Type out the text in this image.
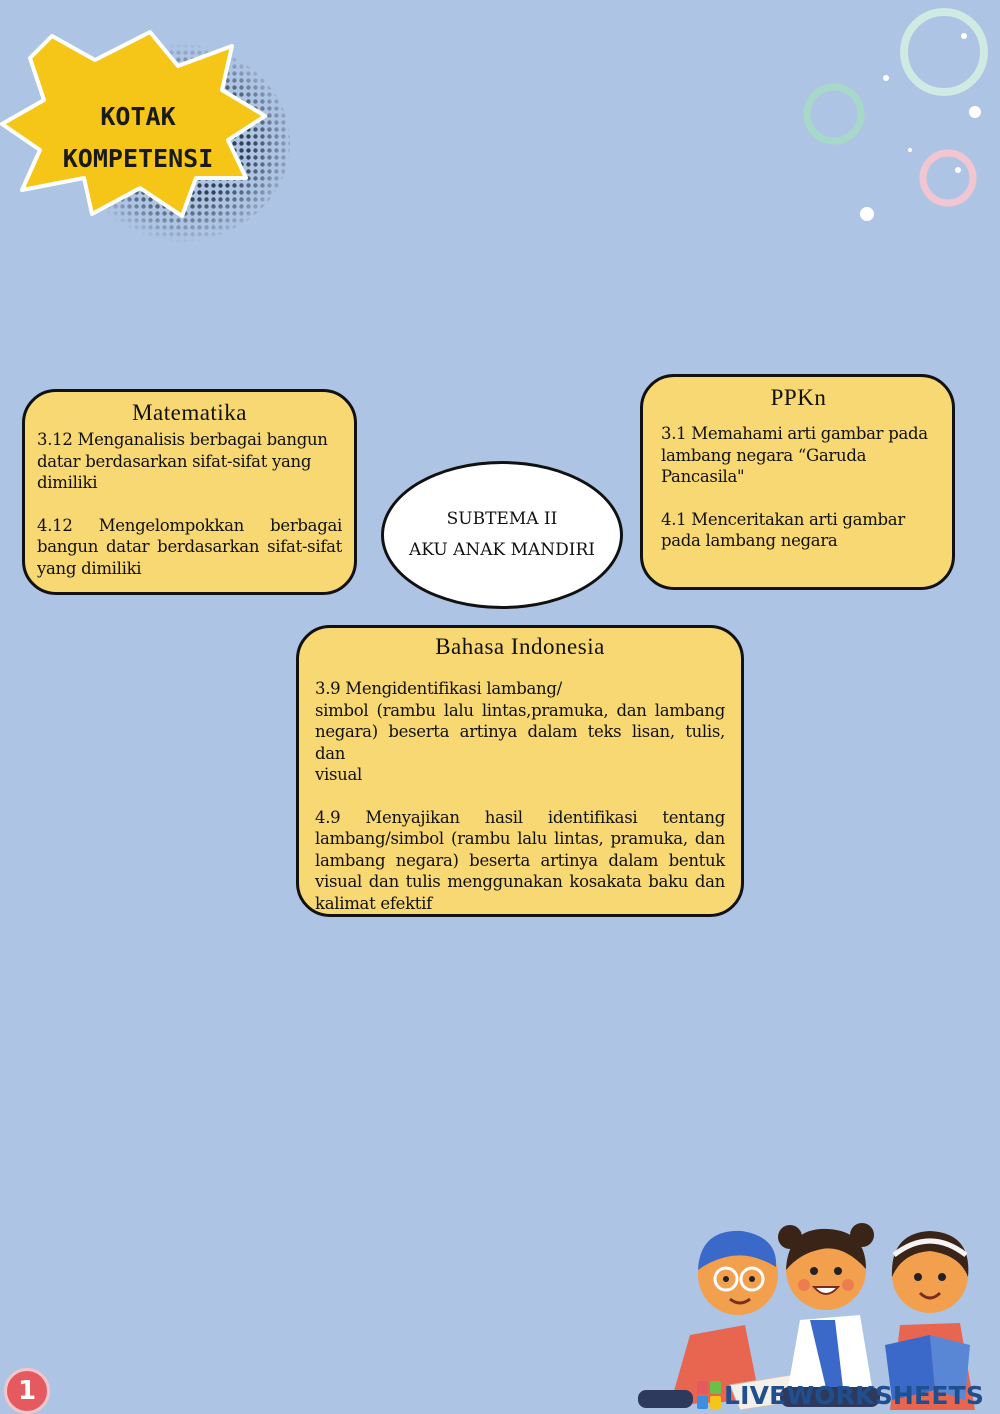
KOTAK
KOMPETENSI
Matematika

3.12 Menganalisis berbagai bangun datar berdasarkan sifat-sifat yang dimiliki

4.12 Mengelompokkan berbagai bangun datar berdasarkan sifat-sifat yang dimiliki

PPKn

3.1 Memahami arti gambar pada lambang negara “Garuda Pancasila"

4.1 Menceritakan arti gambar pada lambang negara

SUBTEMA II
AKU ANAK MANDIRI
Bahasa Indonesia

3.9 Mengidentifikasi lambang/

simbol (rambu lalu lintas,pramuka, dan lambang negara) beserta artinya dalam teks lisan, tulis, dan
visual

4.9 Menyajikan hasil identifikasi tentang lambang/simbol (rambu lalu lintas, pramuka, dan lambang negara) beserta artinya dalam bentuk visual dan tulis menggunakan kosakata baku dan kalimat efektif

1	LIVEWORKSHEETS
